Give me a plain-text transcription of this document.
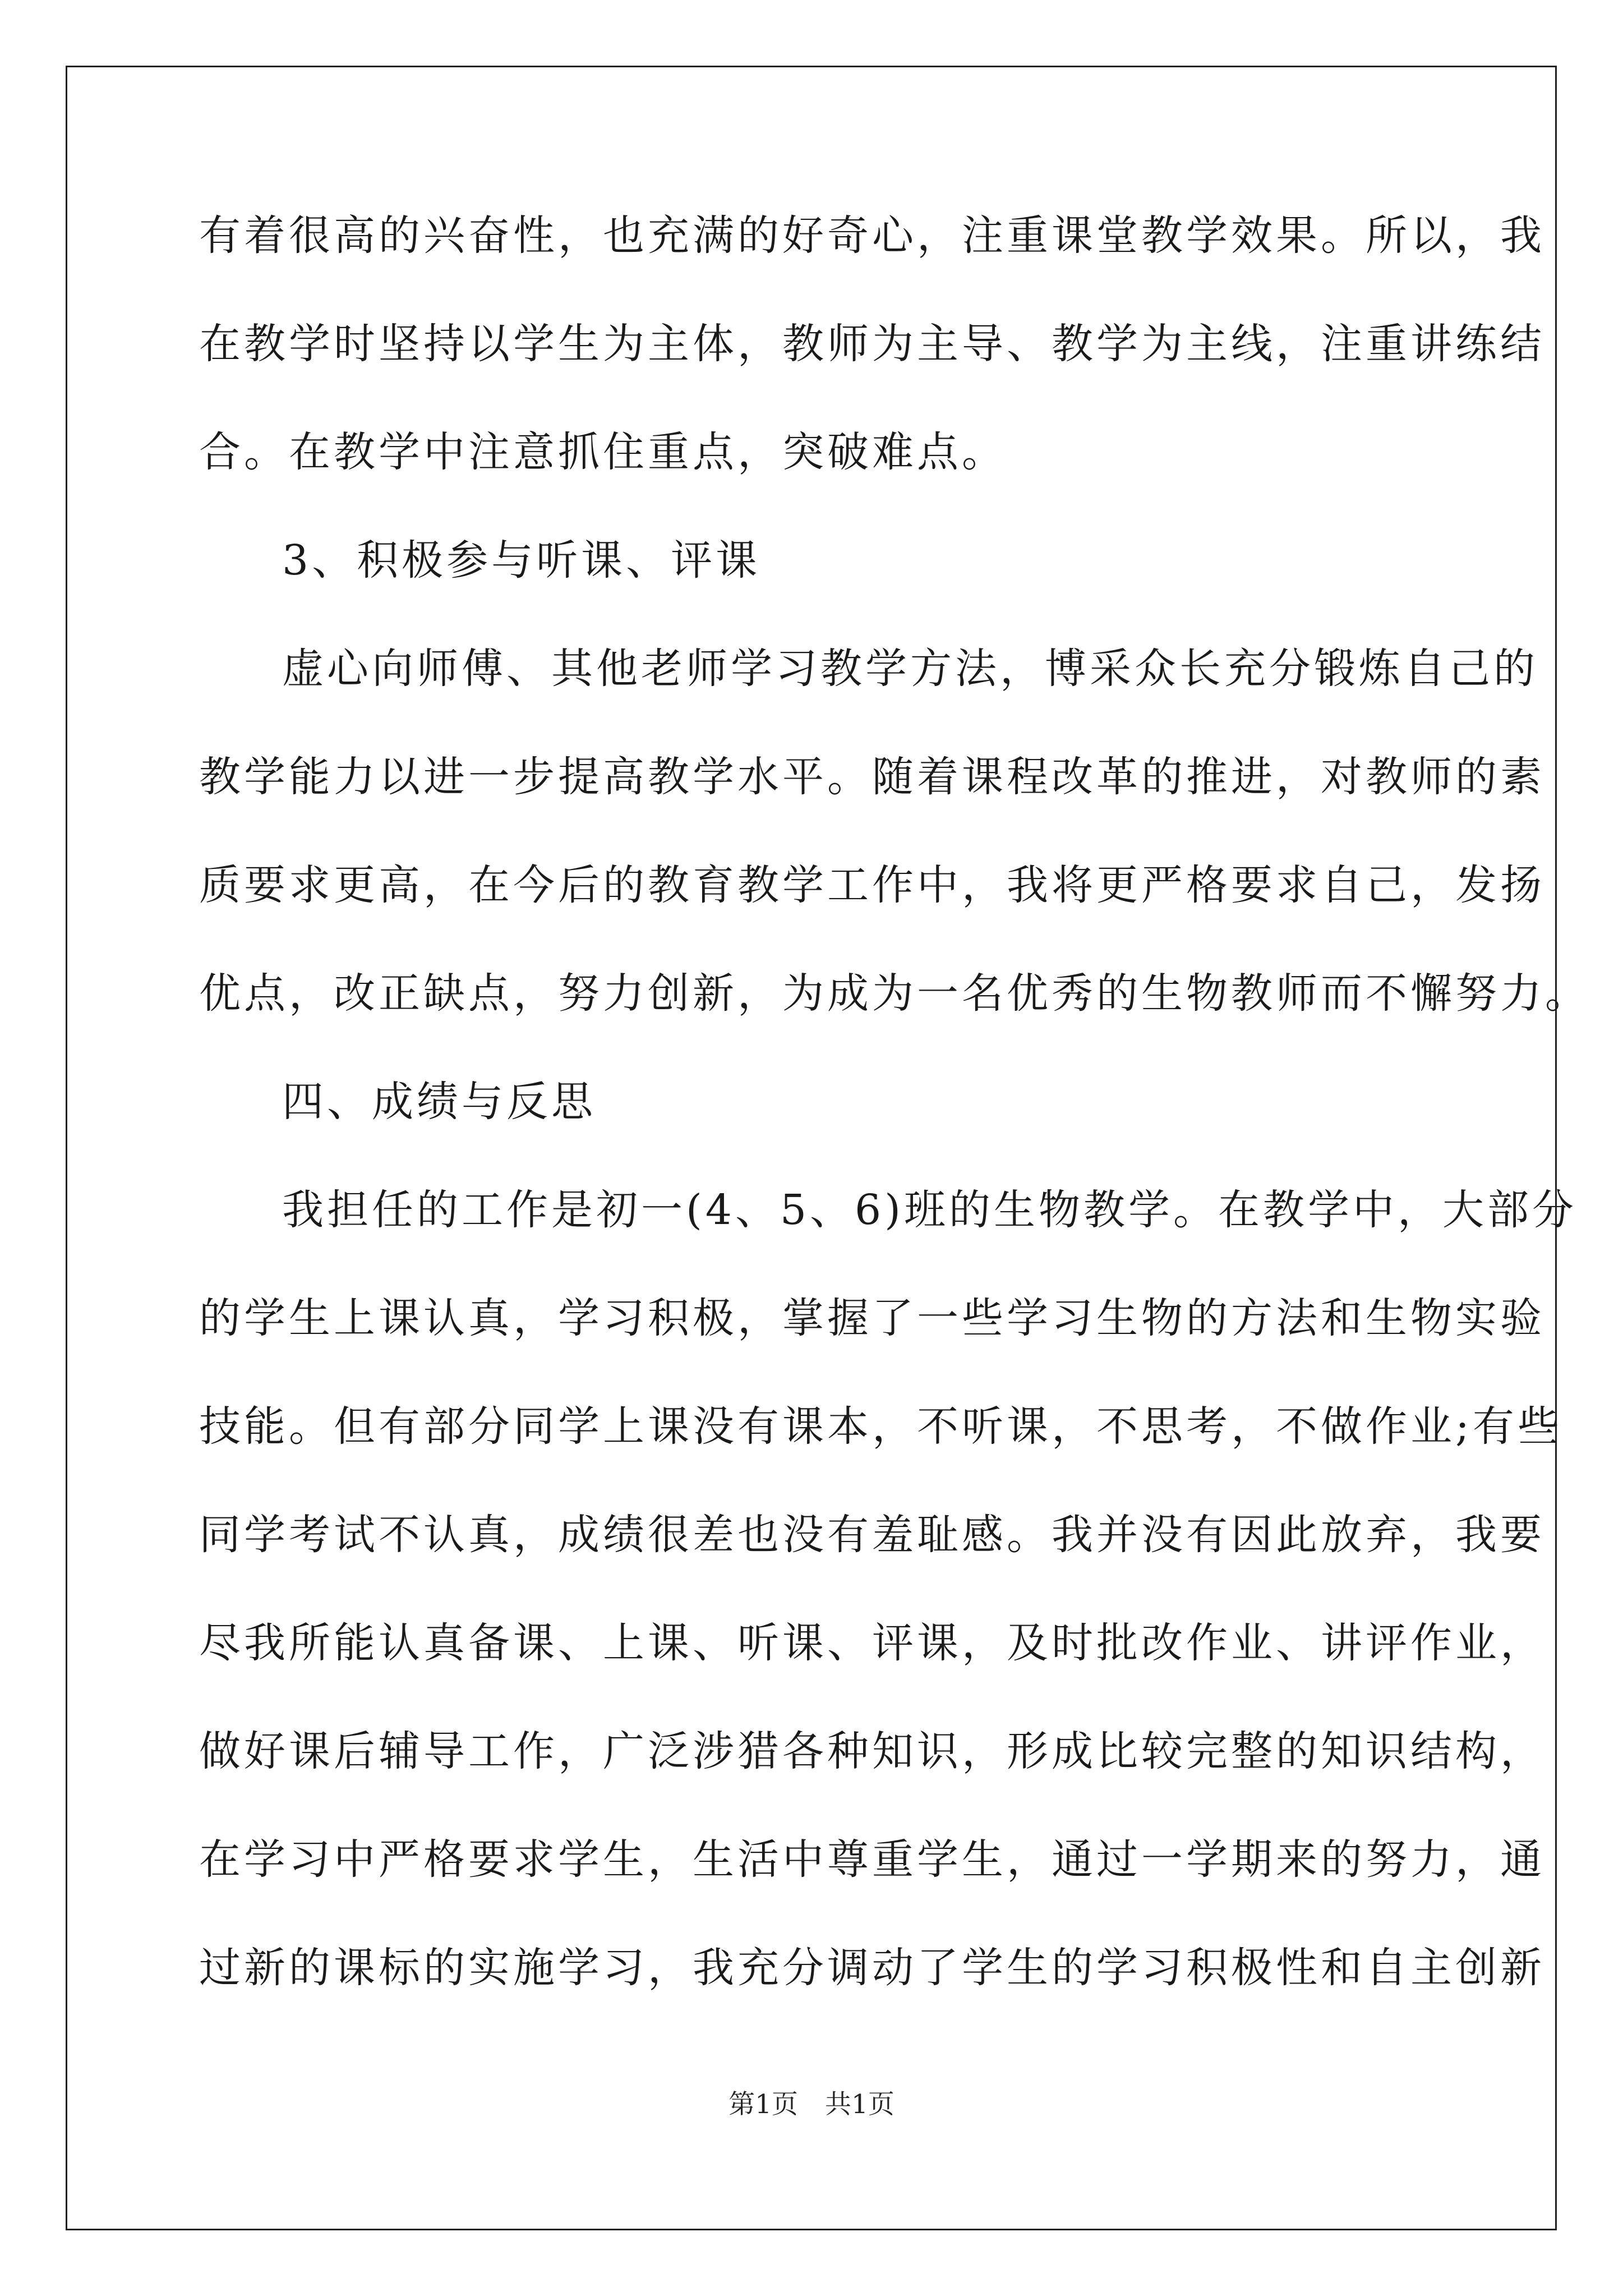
有着很高的兴奋性，也充满的好奇心，注重课堂教学效果。所以，我
在教学时坚持以学生为主体，教师为主导、教学为主线，注重讲练结
合。在教学中注意抓住重点，突破难点。
3、积极参与听课、评课
虚心向师傅、其他老师学习教学方法，博采众长充分锻炼自己的
教学能力以进一步提高教学水平。随着课程改革的推进，对教师的素
质要求更高，在今后的教育教学工作中，我将更严格要求自己，发扬
优点，改正缺点，努力创新，为成为一名优秀的生物教师而不懈努力。
四、成绩与反思
我担任的工作是初一(4、5、6)班的生物教学。在教学中，大部分
的学生上课认真，学习积极，掌握了一些学习生物的方法和生物实验
技能。但有部分同学上课没有课本，不听课，不思考，不做作业;有些
同学考试不认真，成绩很差也没有羞耻感。我并没有因此放弃，我要
尽我所能认真备课、上课、听课、评课，及时批改作业、讲评作业，
做好课后辅导工作，广泛涉猎各种知识，形成比较完整的知识结构，
在学习中严格要求学生，生活中尊重学生，通过一学期来的努力，通
过新的课标的实施学习，我充分调动了学生的学习积极性和自主创新
第1页 共1页
